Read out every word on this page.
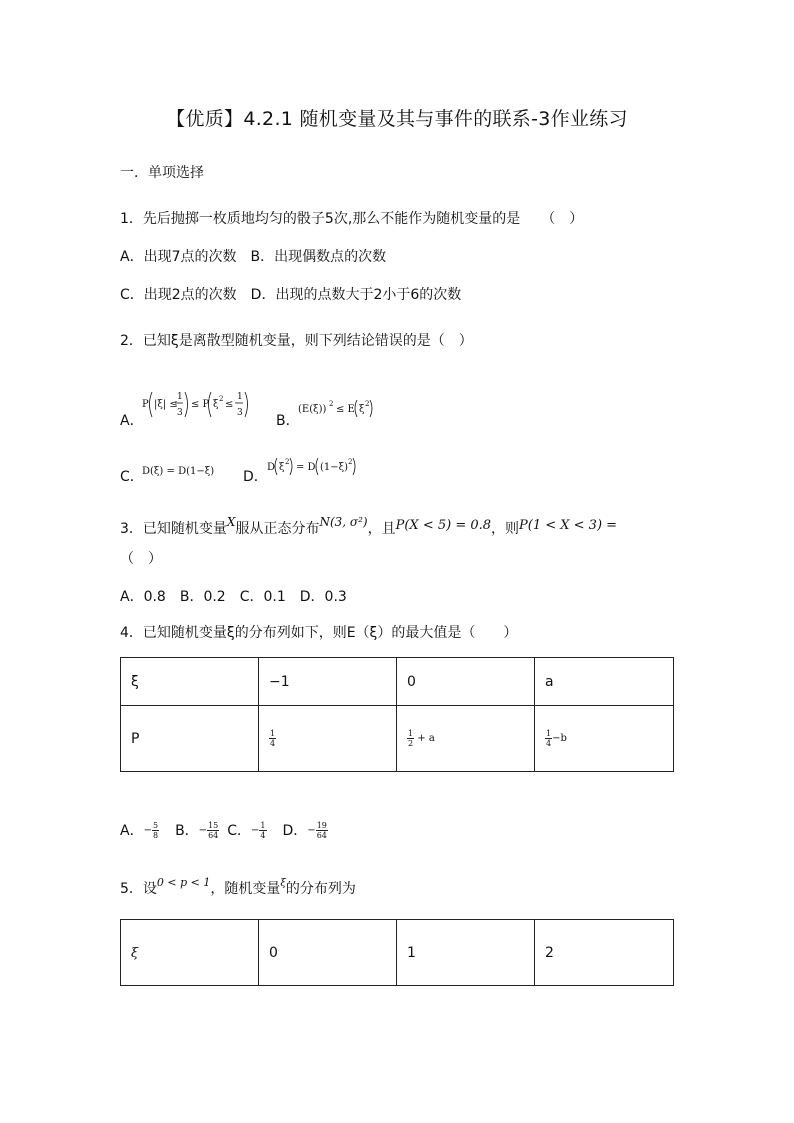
【优质】4.2.1 随机变量及其与事件的联系-3作业练习
一．单项选择
1．先后抛掷一枚质地均匀的骰子5次,那么不能作为随机变量的是　　（　）
A．出现7点的次数　B．出现偶数点的次数
C．出现2点的次数　D．出现的点数大于2小于6的次数
2．已知ξ是离散型随机变量，则下列结论错误的是（　）
A．
P |ξ| ≤
1
3
≤ P ξ 2 ≤
1
3 B．
(E(ξ)) 2 ≤ E ξ 2
C．
D(ξ) = D(1−ξ) D．
D ξ 2 = D (1−ξ) 2
3．已知随机变量X服从正态分布N(3, σ²)，且P(X < 5) = 0.8，则P(1 < X < 3) =
（　）
A．0.8　B．0.2　C．0.1　D．0.3
4．已知随机变量ξ的分布列如下，则E（ξ）的最大值是（　　）
ξ	−1	0	a
P	$\frac{1}{4}$	$\frac{1}{2} + a$	$\frac{1}{4} -b$
A． − $\frac{5}{8}$ B． − $\frac{15}{64}$ C． − $\frac{1}{4}$ D． − $\frac{19}{64}$
5．设$^{0 < p < 1}$，随机变量$^\xi$的分布列为
ξ	0	1	2
